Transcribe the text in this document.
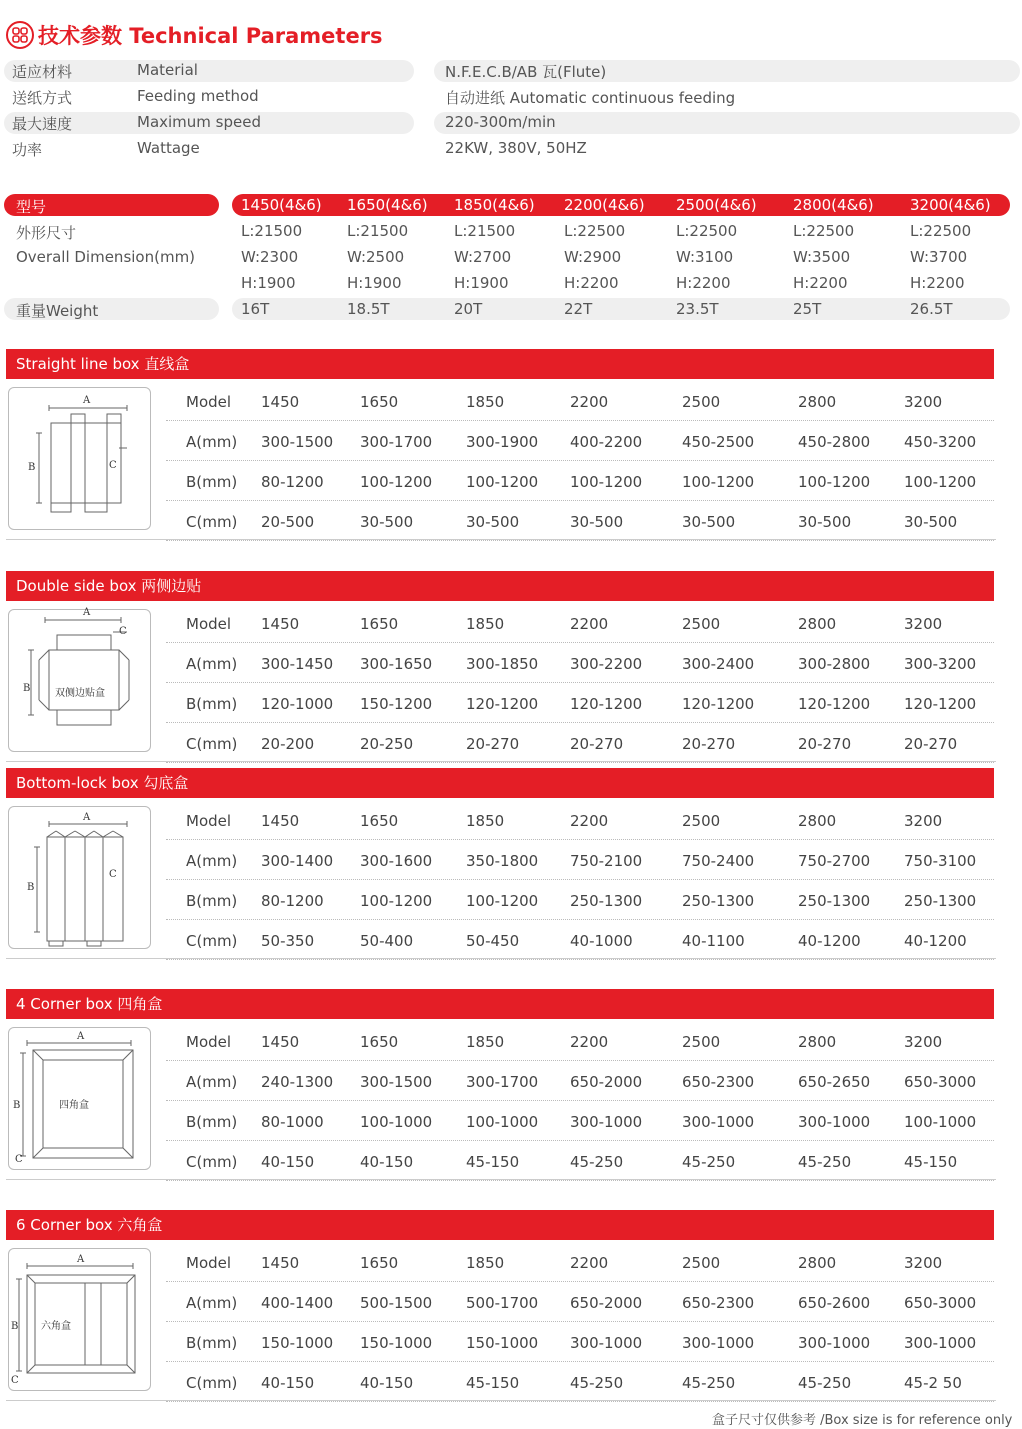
技术参数 Technical Parameters
适应材料	Material	N.F.E.C.B/AB 瓦(Flute)
送纸方式	Feeding method	自动进纸 Automatic continuous feeding
最大速度	Maximum speed	220-300m/min
功率	Wattage	22KW, 380V, 50HZ
型号	1450(4&6) 1650(4&6) 1850(4&6) 2200(4&6) 2500(4&6) 2800(4&6) 3200(4&6)
外形尺寸	L:21500	L:21500	L:21500	L:22500	L:22500	L:22500	L:22500
Overall Dimension(mm)	W:2300	W:2500	W:2700	W:2900	W:3100	W:3500	W:3700
H:1900	H:1900	H:1900	H:2200	H:2200	H:2200	H:2200
重量Weight	16T	18.5T	20T	22T	23.5T	25T	26.5T
Straight line box 直线盒
A
B	C
Model 1450	1650	1850	2200	2500	2800	3200
A(mm) 300-1500 300-1700 300-1900 400-2200	450-2500	450-2800 450-3200
B(mm) 80-1200 100-1200 100-1200 100-1200	100-1200	100-1200 100-1200
C(mm) 20-500	30-500	30-500	30-500	30-500	30-500	30-500
Double side box 两侧边贴
A
B
C
双侧边贴盒
Model 1450	1650	1850	2200	2500	2800	3200
A(mm) 300-1450 300-1650 300-1850 300-2200	300-2400	300-2800 300-3200
B(mm) 120-1000 150-1200 120-1200 120-1200	120-1200	120-1200 120-1200
C(mm) 20-200	20-250	20-270	20-270	20-270	20-270	20-270
Bottom-lock box 勾底盒
A
B
C
Model 1450	1650	1850	2200	2500	2800	3200
A(mm) 300-1400 300-1600 350-1800 750-2100	750-2400	750-2700 750-3100
B(mm) 80-1200 100-1200 100-1200 250-1300	250-1300	250-1300 250-1300
C(mm) 50-350	50-400	50-450	40-1000	40-1100	40-1200	40-1200
4 Corner box 四角盒
A
B
C
四角盒
Model 1450	1650	1850	2200	2500	2800	3200
A(mm) 240-1300 300-1500 300-1700 650-2000	650-2300	650-2650 650-3000
B(mm) 80-1000 100-1000 100-1000 300-1000	300-1000	300-1000 100-1000
C(mm) 40-150	40-150	45-150	45-250	45-250	45-250	45-150
6 Corner box 六角盒
A
B
C
六角盒
Model 1450	1650	1850	2200	2500	2800	3200
A(mm) 400-1400 500-1500 500-1700 650-2000	650-2300	650-2600 650-3000
B(mm) 150-1000 150-1000 150-1000 300-1000	300-1000	300-1000 300-1000
C(mm) 40-150	40-150	45-150	45-250	45-250	45-250	45-2 50
盒子尺寸仅供参考 /Box size is for reference only
